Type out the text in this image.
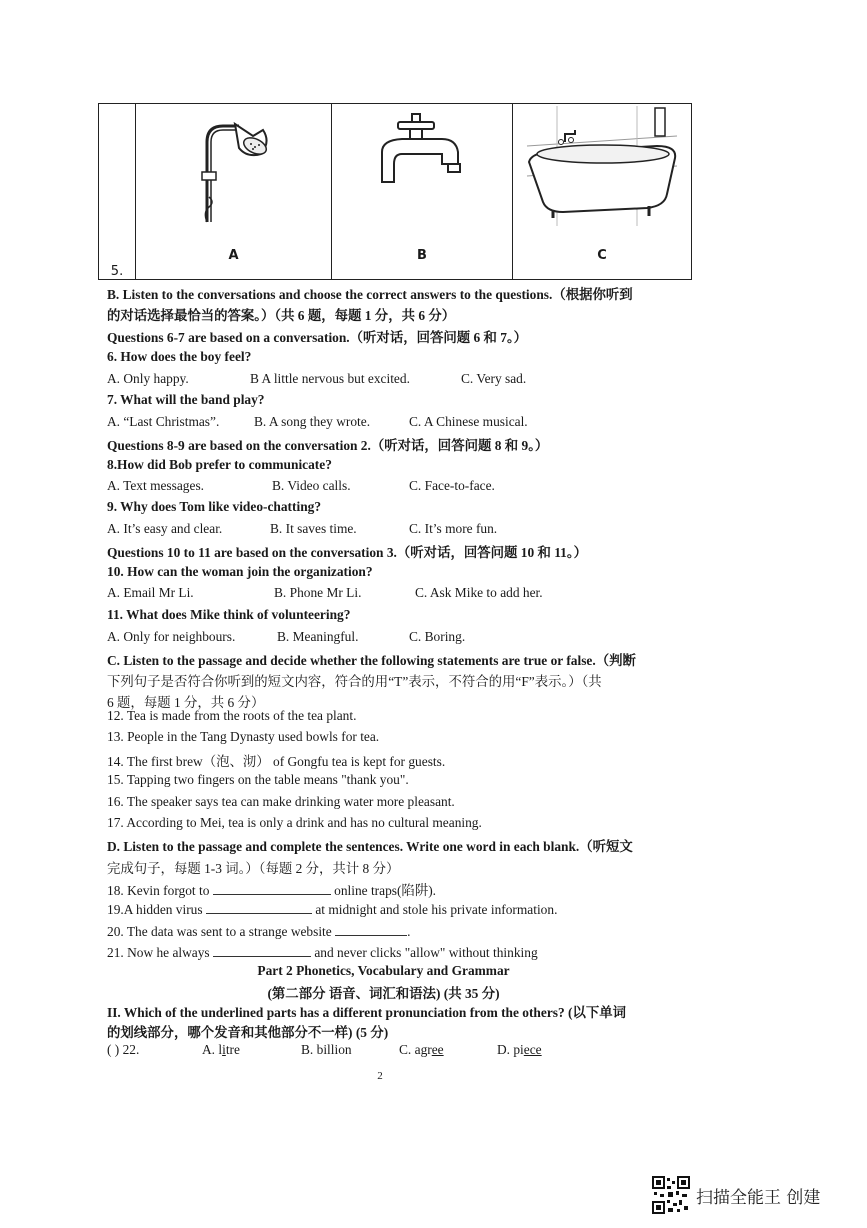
5.	
A	B	C
B. Listen to the conversations and choose the correct answers to the questions.（根据你听到
的对话选择最恰当的答案。）（共 6 题，每题 1 分，共 6 分）
Questions 6-7 are based on a conversation.（听对话，回答问题 6 和 7。）
6. How does the boy feel?
A. Only happy.	B A little nervous but excited.	C. Very sad.
7. What will the band play?
A. “Last Christmas”.	B. A song they wrote.	C. A Chinese musical.
Questions 8-9 are based on the conversation 2.（听对话，回答问题 8 和 9。）
8.How did Bob prefer to communicate?
A. Text messages.	B. Video calls.	C. Face-to-face.
9. Why does Tom like video-chatting?
A. It’s easy and clear.	B. It saves time.	C. It’s more fun.
Questions 10 to 11 are based on the conversation 3.（听对话，回答问题 10 和 11。）
10. How can the woman join the organization?
A. Email Mr Li.	B. Phone Mr Li.	C. Ask Mike to add her.
11. What does Mike think of volunteering?
A. Only for neighbours.	B. Meaningful.	C. Boring.
C. Listen to the passage and decide whether the following statements are true or false.（判断
下列句子是否符合你听到的短文内容，符合的用“T”表示，不符合的用“F”表示。）（共
6 题，每题 1 分，共 6 分）
12. Tea is made from the roots of the tea plant.
13. People in the Tang Dynasty used bowls for tea.
14. The first brew（泡、沏） of Gongfu tea is kept for guests.
15. Tapping two fingers on the table means "thank you".
16. The speaker says tea can make drinking water more pleasant.
17. According to Mei, tea is only a drink and has no cultural meaning.
D. Listen to the passage and complete the sentences. Write one word in each blank.（听短文
完成句子，每题 1-3 词。）（每题 2 分，共计 8 分）
18. Kevin forgot to	online traps(陷阱).
19.A hidden virus	at midnight and stole his private information.
20. The data was sent to a strange website	.
21. Now he always	and never clicks "allow" without thinking
Part 2 Phonetics, Vocabulary and Grammar
(第二部分 语音、词汇和语法) (共 35 分)
II. Which of the underlined parts has a different pronunciation from the others? (以下单词
的划线部分，哪个发音和其他部分不一样) (5 分)
( ) 22.	A. litre	B. billion	C. agree	D. piece
2
扫描全能王 创建
